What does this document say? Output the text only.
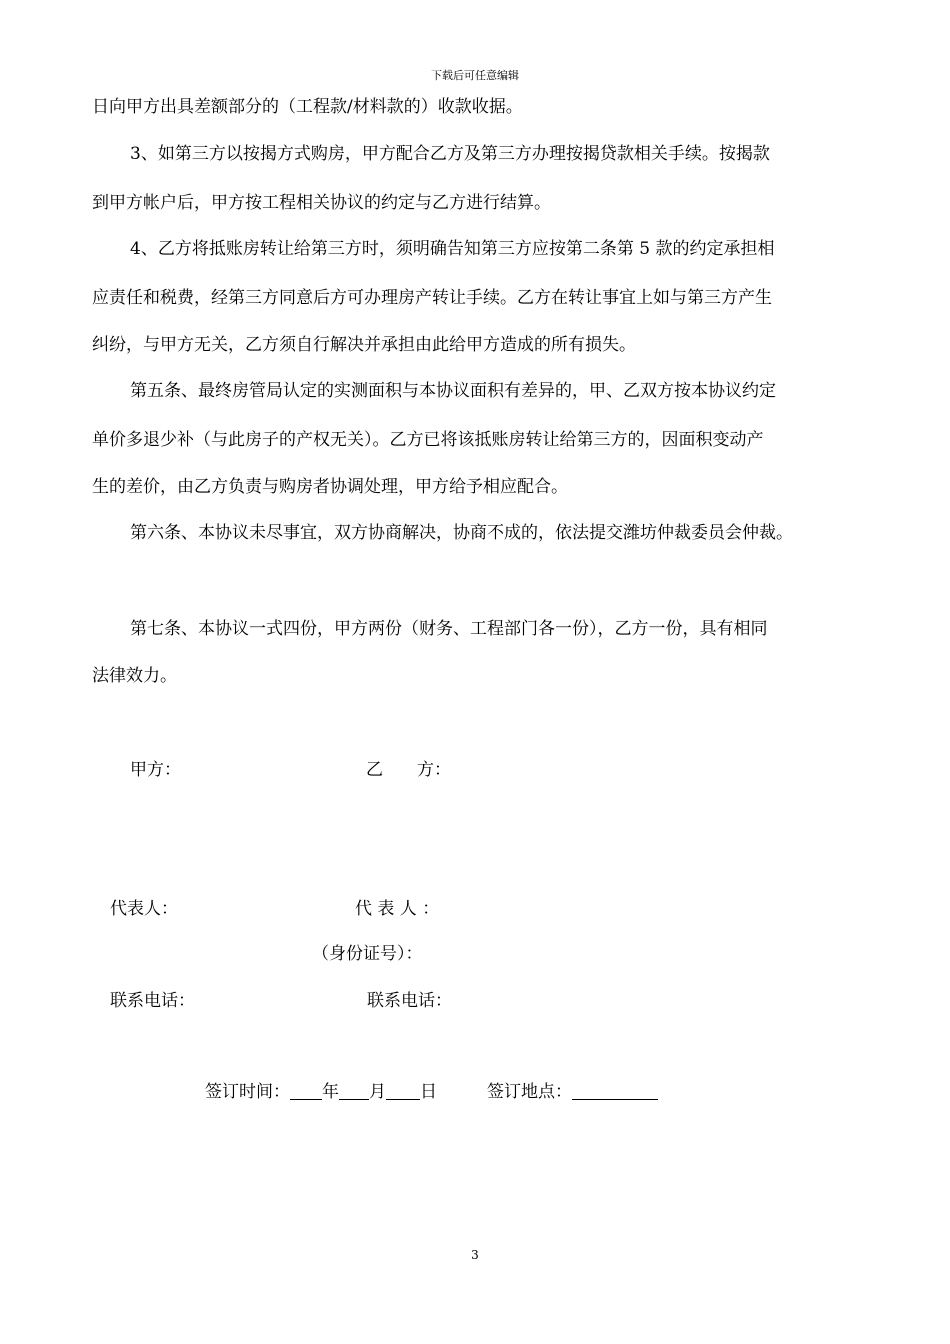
下载后可任意编辑
日向甲方出具差额部分的（工程款/材料款的）收款收据。
3、如第三方以按揭方式购房，甲方配合乙方及第三方办理按揭贷款相关手续。按揭款
到甲方帐户后，甲方按工程相关协议的约定与乙方进行结算。
4、乙方将抵账房转让给第三方时，须明确告知第三方应按第二条第 5 款的约定承担相
应责任和税费，经第三方同意后方可办理房产转让手续。乙方在转让事宜上如与第三方产生
纠纷，与甲方无关，乙方须自行解决并承担由此给甲方造成的所有损失。
第五条、最终房管局认定的实测面积与本协议面积有差异的，甲、乙双方按本协议约定
单价多退少补（与此房子的产权无关）。乙方已将该抵账房转让给第三方的，因面积变动产
生的差价，由乙方负责与购房者协调处理，甲方给予相应配合。
第六条、本协议未尽事宜，双方协商解决，协商不成的，依法提交潍坊仲裁委员会仲裁。
第七条、本协议一式四份，甲方两份（财务、工程部门各一份），乙方一份，具有相同
法律效力。
甲方：	乙　　方：
代表人：	代 表 人 ：
（身份证号）：
联系电话：	联系电话：
签订时间： 年 月 日	签订地点：
3
